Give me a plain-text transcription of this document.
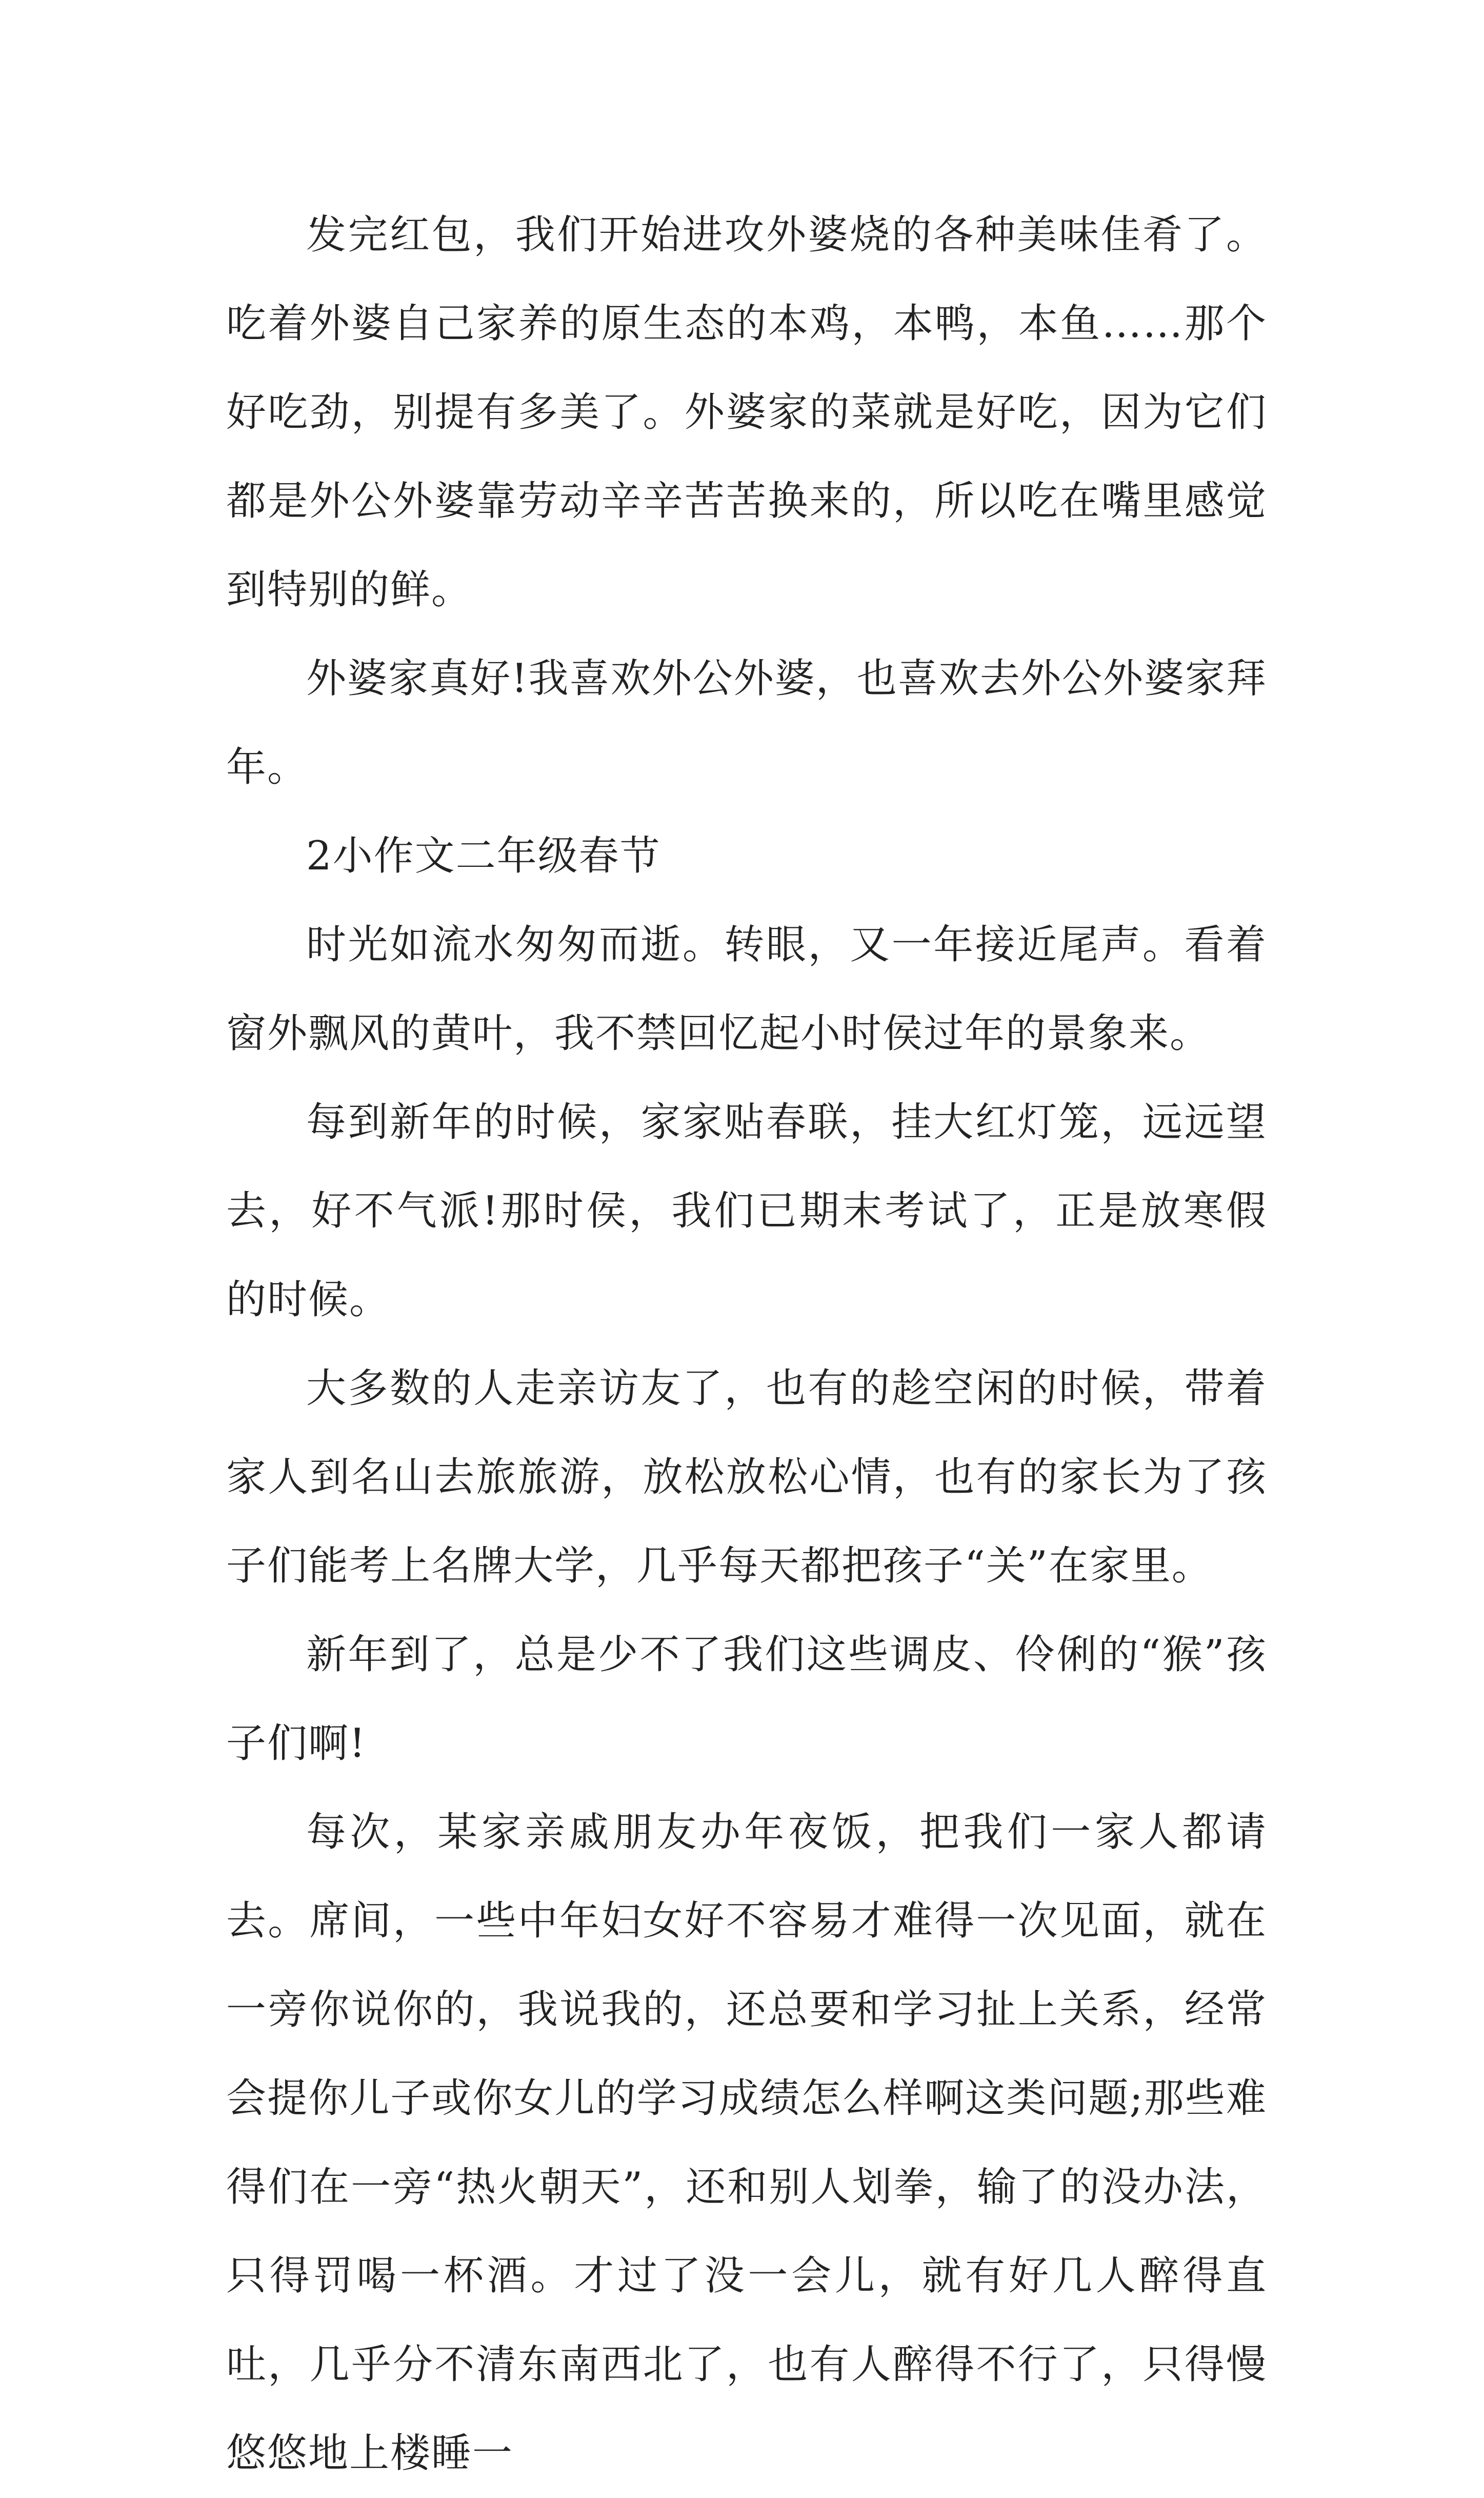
发完红包，我们开始进攻外婆烧的各种美味佳肴了。吃着外婆自己家养的原生态的本鸡，本鸭，本鱼……那个好吃劲，别提有多美了。外婆家的菜就是好吃，因为它们都是外公外婆靠劳动辛辛苦苦换来的，所以吃在嘴里感觉到特别的鲜。

外婆家真好!我喜欢外公外婆，也喜欢去外公外婆家拜年。

2小作文二年级春节

时光如流水匆匆而逝。转眼，又一年接近尾声。看着窗外飘风的黄叶，我不禁回忆起小时侯过年的景象来。

每到新年的时候，家家贴春联，挂大红灯笼，远远望去，好不气派!那时侯，我们已期末考试了，正是放寒假的时候。

大多数的人走亲访友了，也有的趁空闲的时候，带着家人到名山去旅旅游，放松放松心情，也有的家长为了孩子们能考上名牌大学，几乎每天都把孩子“关”在家里。

新年到了，总是少不了我们这些调皮、伶俐的“猴”孩子们啊!

每次，某家亲戚朋友办年夜饭，把我们一家人都请去。席间，一些中年妇女好不容易才难得一次见面，就在一旁你说你的，我说我的，还总要和学习扯上关系，经常会提你儿子或你女儿的学习成绩怎么样啊这类问题;那些难得们在一旁“热火朝天”，还和别人划拳，输了的没办法，只得罚喝一杯酒。才过了没一会儿，就有好几人醉得直吐，几乎分不清东南西北了，也有人醉得不行了，只得慢悠悠地上楼睡一
